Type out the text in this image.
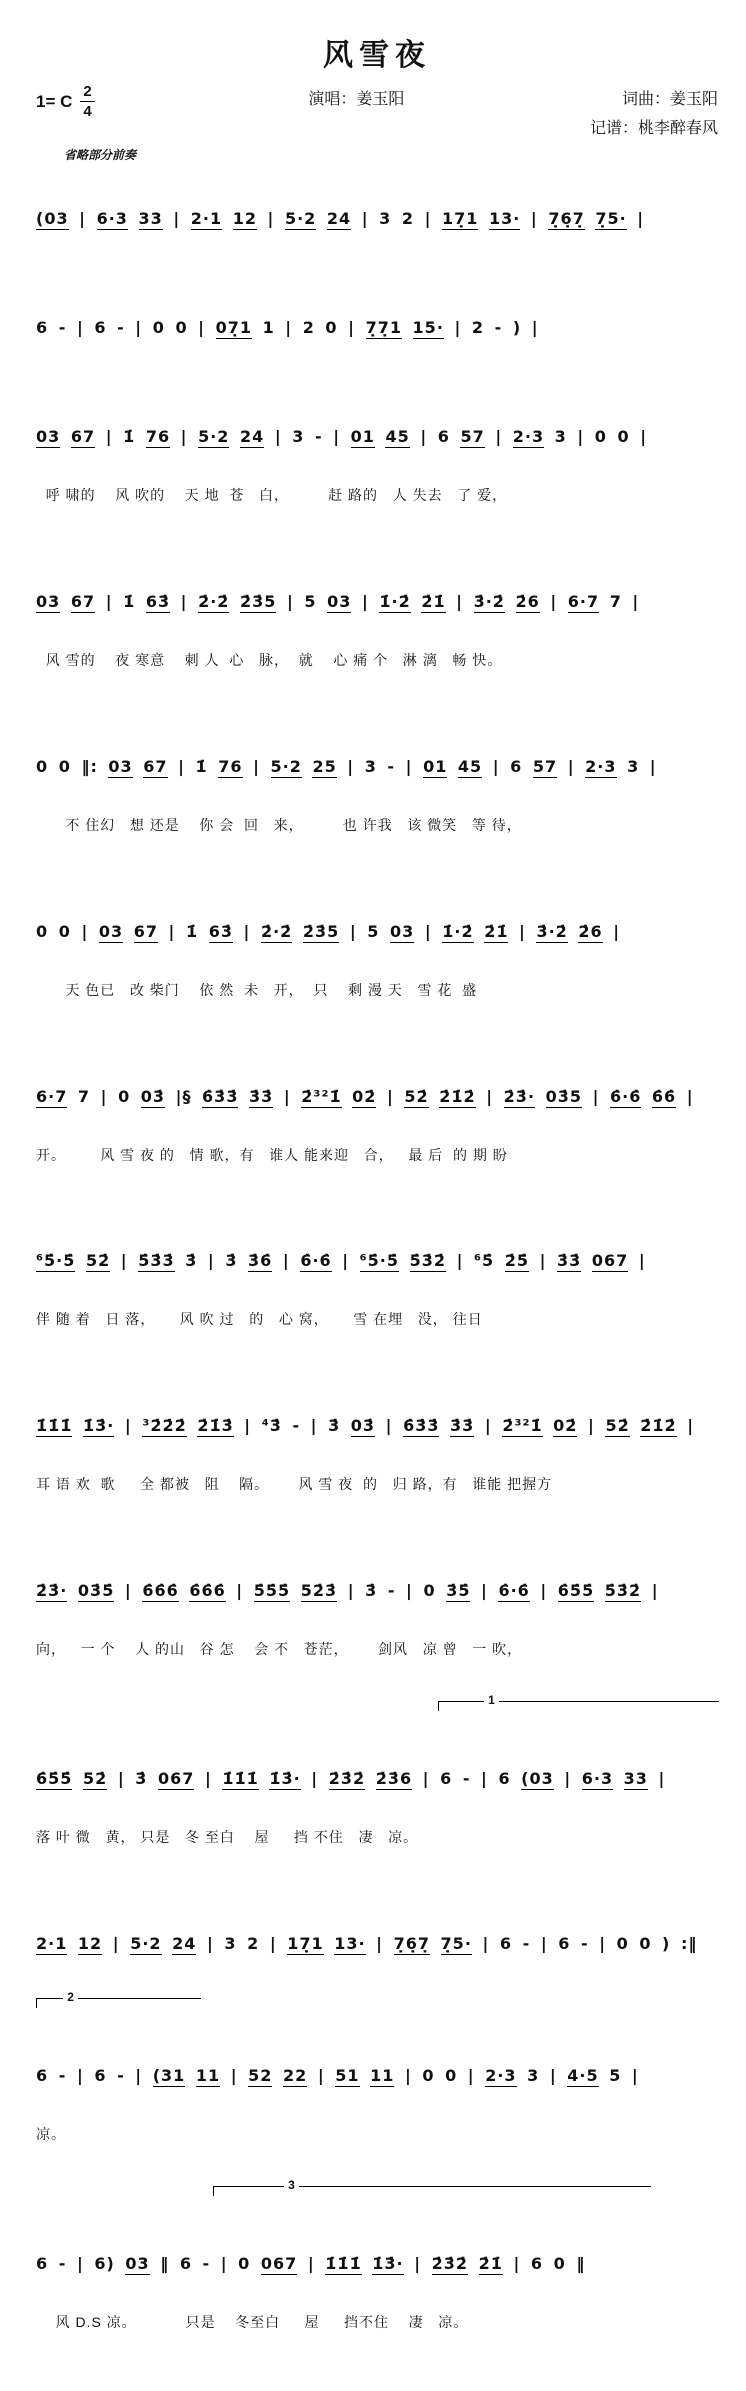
风雪夜
1= C $\frac{2}{4}$	演唱：姜玉阳	词曲：姜玉阳
记谱：桃李醉春风
省略部分前奏

(03 | 6·3 33 | 2·1 12 | 5·2 24 | 3 2 | 17̣1 13· | 7̣6̣7̣ 7̣5· |

6 - | 6 - | 0 0 | 07̣1 1 | 2 0 | 7̣7̣1 15· | 2 - ) |

03 67 | 1̇ 76 | 5·2 24 | 3 - | 01 45 | 6 57 | 2·3 3 | 0 0 |

呼 啸的    风 吹的    天 地  苍   白，        赶 路的   人 失去   了 爱，

03 67 | 1̇ 63̇ | 2̇·2̇ 2̇3̇5 | 5 03 | 1̇·2̇ 2̇1̇ | 3̇·2̇ 2̇6 | 6·7 7 |

风 雪的    夜 寒意    刺 人  心   脉，  就    心 痛 个   淋 漓   畅 快。

0 0 ‖: 03 67 | 1̇ 76 | 5·2 25 | 3 - | 01 45 | 6 57 | 2·3 3 |

不 住幻   想 还是    你 会  回   来，        也 许我   该 微笑   等 待，

0 0 | 03 67 | 1̇ 63̇ | 2̇·2̇ 2̇3̇5 | 5 03 | 1̇·2̇ 2̇1̇ | 3̇·2̇ 2̇6 |

天 色已   改 柴门    依 然  未   开，  只    剩 漫 天   雪 花  盛

6·7 7 | 0 03̇ |§ 6̇3̇3̇ 3̇3̇ | 2̇³²1̇ 02̇ | 52̇ 2̇1̇2̇ | 2̇3̇· 03̇5 | 6̇·6̇ 6̇6̇ |

开。       风 雪 夜 的   情 歌，有   谁人 能来迎   合，   最 后  的 期 盼

⁶5̇·5̇ 52̇ | 5̇3̇3̇ 3̇ | 3̇ 3̇6̇ | 6̇·6̇ | ⁶5̇·5̇ 5̇3̇2̇ | ⁶5̇ 2̇5̇ | 3̇3̇ 067 |

伴 随 着   日 落，     风 吹 过   的   心 窝，     雪 在埋   没， 往日

1̇1̇1̇ 1̇3̇· | ³2̇2̇2̇ 2̇1̇3̇ | ⁴3̇ - | 3̇ 03̇ | 6̇3̇3̇ 3̇3̇ | 2̇³²1̇ 02̇ | 52̇ 2̇1̇2̇ |

耳 语 欢  歌     全 都被   阻    隔。      风 雪 夜  的   归 路，有   谁能 把握方

2̇3̇· 03̇5̇ | 6̇6̇6̇ 6̇6̇6̇ | 5̇5̇5̇ 52̇3̇ | 3̇ - | 0 3̇5̇ | 6̇·6̇ | 6̇5̇5̇ 5̇3̇2̇ |

向，   一 个    人 的山   谷 怎    会 不   苍茫，      剑风   凉 曾   一 吹，

1

6̇5̇5̇ 52̇ | 3̇ 067 | 1̇1̇1̇ 1̇3̇· | 2̇3̇2̇ 2̇3̇6 | 6 - | 6 (03 | 6·3 33 |

落 叶 微   黄， 只是   冬 至白    屋     挡 不住   凄   凉。

2·1 12 | 5·2 24 | 3 2 | 17̣1 13· | 7̣6̣7̣ 7̣5· | 6 - | 6 - | 0 0 ) :‖

2

6 - | 6 - | (31 11 | 52 22 | 51 11 | 0 0 | 2·3 3 | 4·5 5 |

凉。

3

6 - | 6) 03 ‖ 6 - | 0 067 | 1̇1̇1̇ 1̇3̇· | 2̇3̇2̇ 2̇1̇ | 6 0 ‖

风 D.S 凉。          只是    冬至白     屋     挡不住    凄   凉。
